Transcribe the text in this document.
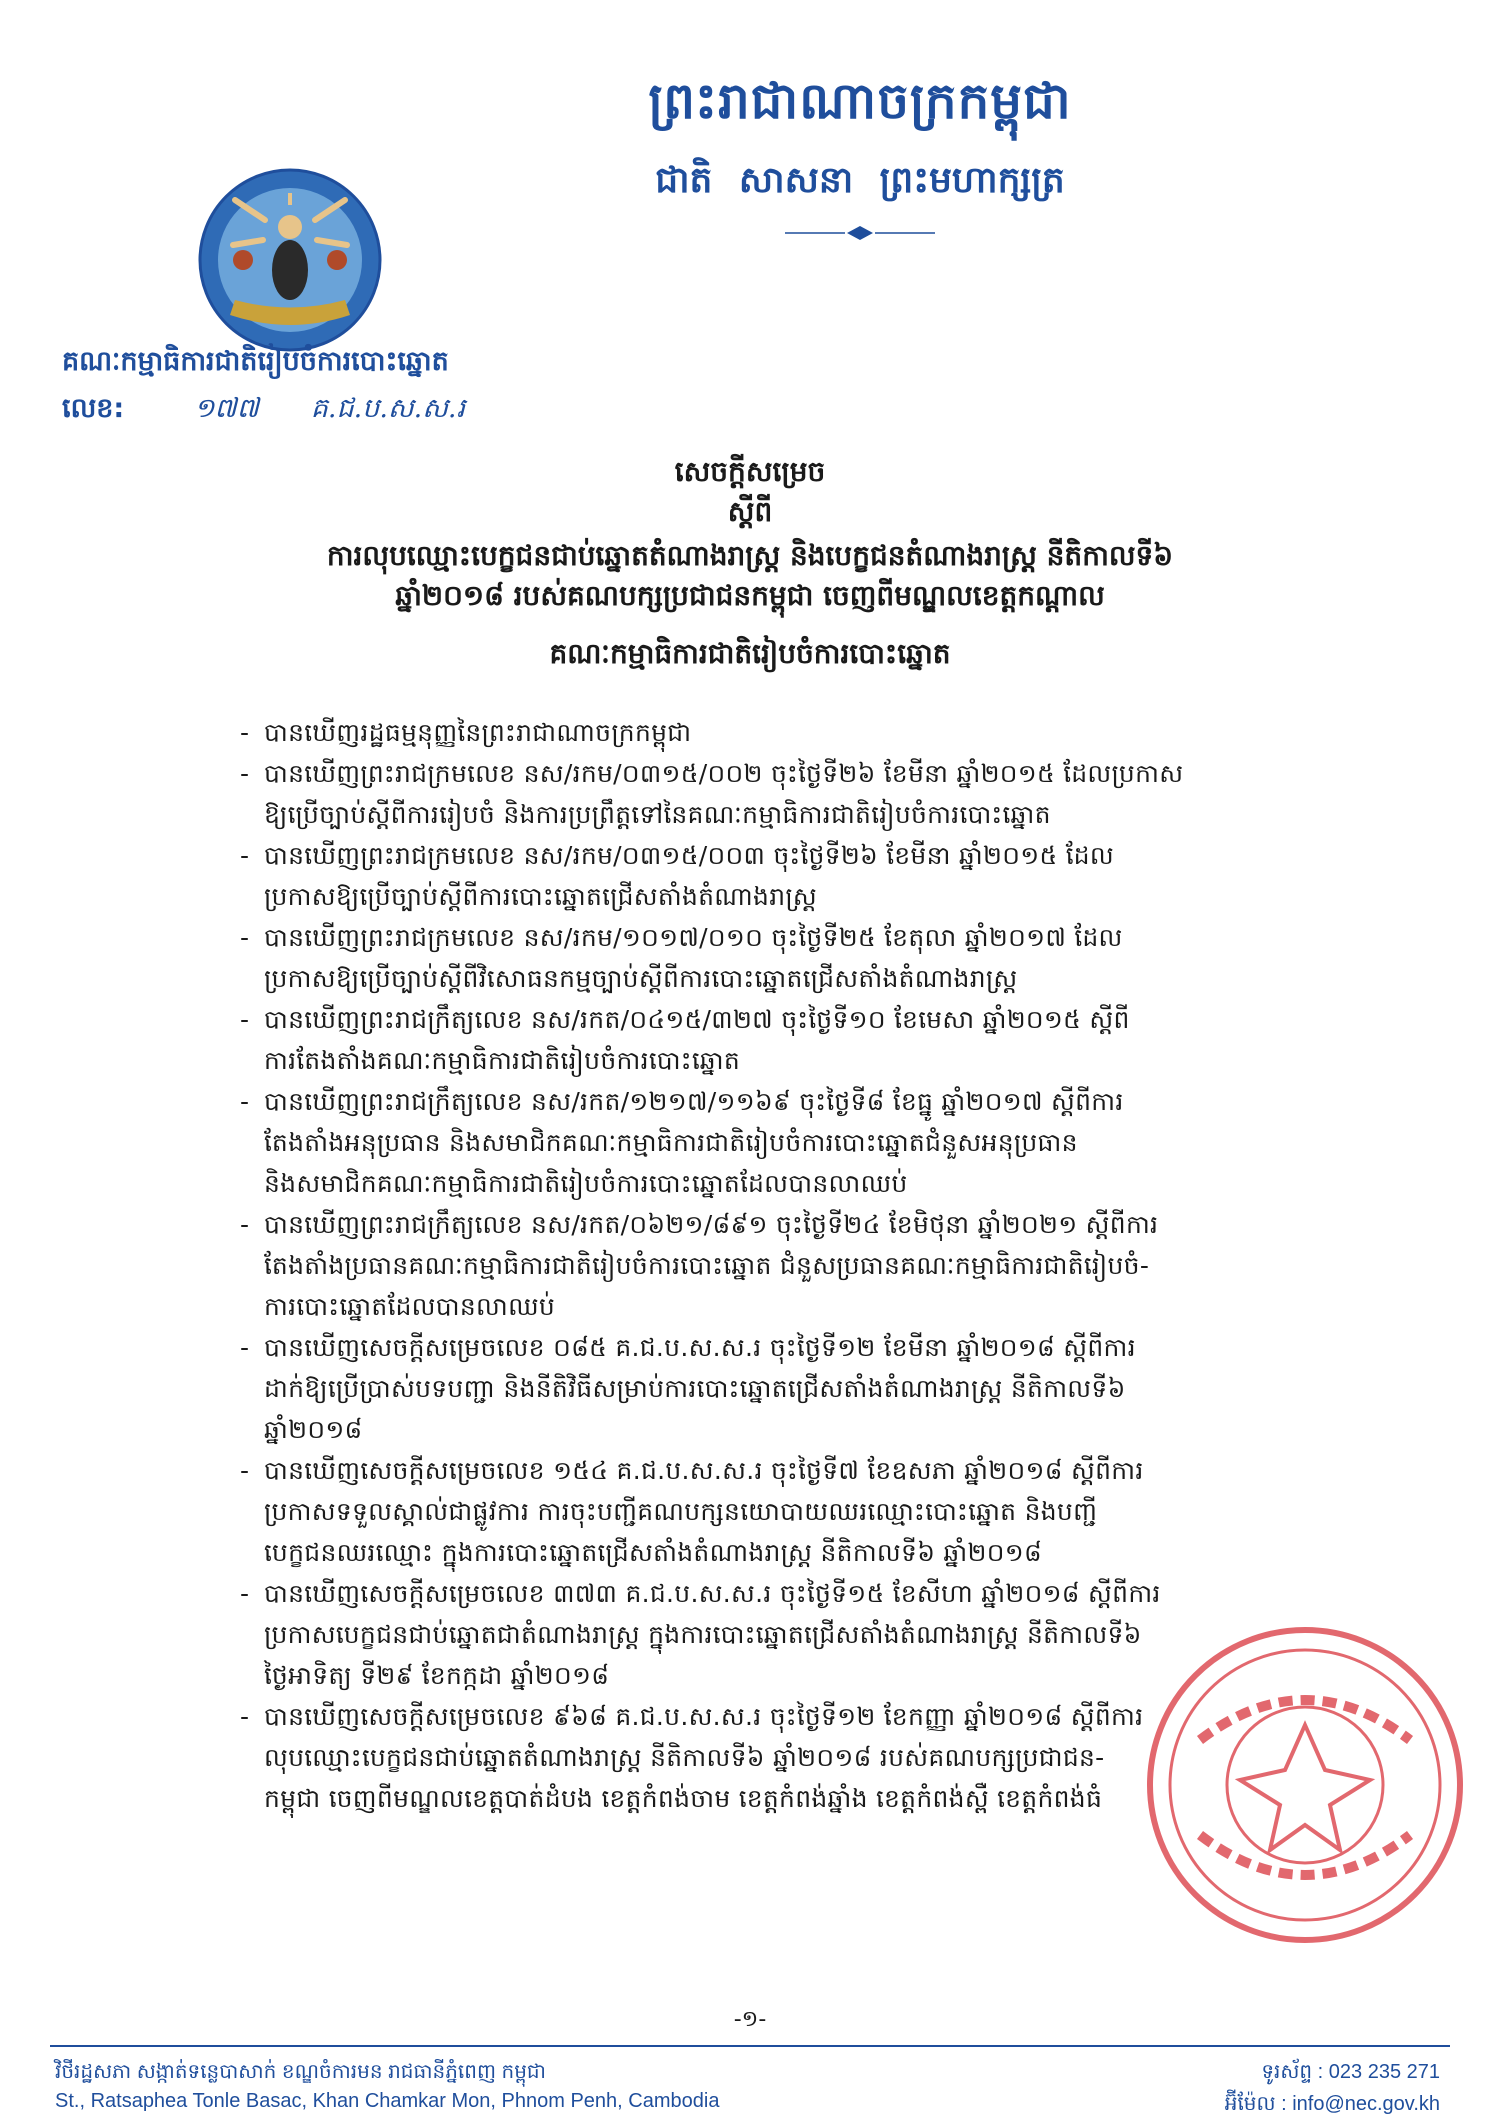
ព្រះរាជាណាចក្រកម្ពុជា
ជាតិ សាសនា ព្រះមហាក្សត្រ
គណៈកម្មាធិការជាតិរៀបចំការបោះឆ្នោត
លេខ:	១៧៧ គ.ជ.ប.ស.ស.រ
សេចក្តីសម្រេច
ស្តីពី
ការលុបឈ្មោះបេក្ខជនជាប់ឆ្នោតតំណាងរាស្ត្រ និងបេក្ខជនតំណាងរាស្ត្រ នីតិកាលទី៦
ឆ្នាំ២០១៨ របស់គណបក្សប្រជាជនកម្ពុជា ចេញពីមណ្ឌលខេត្តកណ្តាល
គណៈកម្មាធិការជាតិរៀបចំការបោះឆ្នោត
- បានឃើញរដ្ឋធម្មនុញ្ញនៃព្រះរាជាណាចក្រកម្ពុជា
- បានឃើញព្រះរាជក្រមលេខ នស/រកម/០៣១៥/០០២ ចុះថ្ងៃទី២៦ ខែមីនា ឆ្នាំ២០១៥ ដែលប្រកាស
ឱ្យប្រើច្បាប់ស្តីពីការរៀបចំ និងការប្រព្រឹត្តទៅនៃគណៈកម្មាធិការជាតិរៀបចំការបោះឆ្នោត
- បានឃើញព្រះរាជក្រមលេខ នស/រកម/០៣១៥/០០៣ ចុះថ្ងៃទី២៦ ខែមីនា ឆ្នាំ២០១៥ ដែល
ប្រកាសឱ្យប្រើច្បាប់ស្តីពីការបោះឆ្នោតជ្រើសតាំងតំណាងរាស្ត្រ
- បានឃើញព្រះរាជក្រមលេខ នស/រកម/១០១៧/០១០ ចុះថ្ងៃទី២៥ ខែតុលា ឆ្នាំ២០១៧ ដែល
ប្រកាសឱ្យប្រើច្បាប់ស្តីពីវិសោធនកម្មច្បាប់ស្តីពីការបោះឆ្នោតជ្រើសតាំងតំណាងរាស្ត្រ
- បានឃើញព្រះរាជក្រឹត្យលេខ នស/រកត/០៤១៥/៣២៧ ចុះថ្ងៃទី១០ ខែមេសា ឆ្នាំ២០១៥ ស្តីពី
ការតែងតាំងគណៈកម្មាធិការជាតិរៀបចំការបោះឆ្នោត
- បានឃើញព្រះរាជក្រឹត្យលេខ នស/រកត/១២១៧/១១៦៩ ចុះថ្ងៃទី៨ ខែធ្នូ ឆ្នាំ២០១៧ ស្តីពីការ
តែងតាំងអនុប្រធាន និងសមាជិកគណៈកម្មាធិការជាតិរៀបចំការបោះឆ្នោតជំនួសអនុប្រធាន
និងសមាជិកគណៈកម្មាធិការជាតិរៀបចំការបោះឆ្នោតដែលបានលាឈប់
- បានឃើញព្រះរាជក្រឹត្យលេខ នស/រកត/០៦២១/៨៩១ ចុះថ្ងៃទី២៤ ខែមិថុនា ឆ្នាំ២០២១ ស្តីពីការ
តែងតាំងប្រធានគណៈកម្មាធិការជាតិរៀបចំការបោះឆ្នោត ជំនួសប្រធានគណៈកម្មាធិការជាតិរៀបចំ-
ការបោះឆ្នោតដែលបានលាឈប់
- បានឃើញសេចក្តីសម្រេចលេខ ០៨៥ គ.ជ.ប.ស.ស.រ ចុះថ្ងៃទី១២ ខែមីនា ឆ្នាំ២០១៨ ស្តីពីការ
ដាក់ឱ្យប្រើប្រាស់បទបញ្ជា និងនីតិវិធីសម្រាប់ការបោះឆ្នោតជ្រើសតាំងតំណាងរាស្ត្រ នីតិកាលទី៦
ឆ្នាំ២០១៨
- បានឃើញសេចក្តីសម្រេចលេខ ១៥៤ គ.ជ.ប.ស.ស.រ ចុះថ្ងៃទី៧ ខែឧសភា ឆ្នាំ២០១៨ ស្តីពីការ
ប្រកាសទទួលស្គាល់ជាផ្លូវការ ការចុះបញ្ជីគណបក្សនយោបាយឈរឈ្មោះបោះឆ្នោត និងបញ្ជី
បេក្ខជនឈរឈ្មោះ ក្នុងការបោះឆ្នោតជ្រើសតាំងតំណាងរាស្ត្រ នីតិកាលទី៦ ឆ្នាំ២០១៨
- បានឃើញសេចក្តីសម្រេចលេខ ៣៧៣ គ.ជ.ប.ស.ស.រ ចុះថ្ងៃទី១៥ ខែសីហា ឆ្នាំ២០១៨ ស្តីពីការ
ប្រកាសបេក្ខជនជាប់ឆ្នោតជាតំណាងរាស្ត្រ ក្នុងការបោះឆ្នោតជ្រើសតាំងតំណាងរាស្ត្រ នីតិកាលទី៦
ថ្ងៃអាទិត្យ ទី២៩ ខែកក្កដា ឆ្នាំ២០១៨
- បានឃើញសេចក្តីសម្រេចលេខ ៩៦៨ គ.ជ.ប.ស.ស.រ ចុះថ្ងៃទី១២ ខែកញ្ញា ឆ្នាំ២០១៨ ស្តីពីការ
លុបឈ្មោះបេក្ខជនជាប់ឆ្នោតតំណាងរាស្ត្រ នីតិកាលទី៦ ឆ្នាំ២០១៨ របស់គណបក្សប្រជាជន-
កម្ពុជា ចេញពីមណ្ឌលខេត្តបាត់ដំបង ខេត្តកំពង់ចាម ខេត្តកំពង់ឆ្នាំង ខេត្តកំពង់ស្ពឺ ខេត្តកំពង់ធំ
-១-
វិថីរដ្ឋសភា សង្កាត់ទន្លេបាសាក់ ខណ្ឌចំការមន រាជធានីភ្នំពេញ កម្ពុជា
St., Ratsaphea Tonle Basac, Khan Chamkar Mon, Phnom Penh, Cambodia
ទូរស័ព្ទ : 023 235 271
អ៊ីម៉ែល : info@nec.gov.kh
